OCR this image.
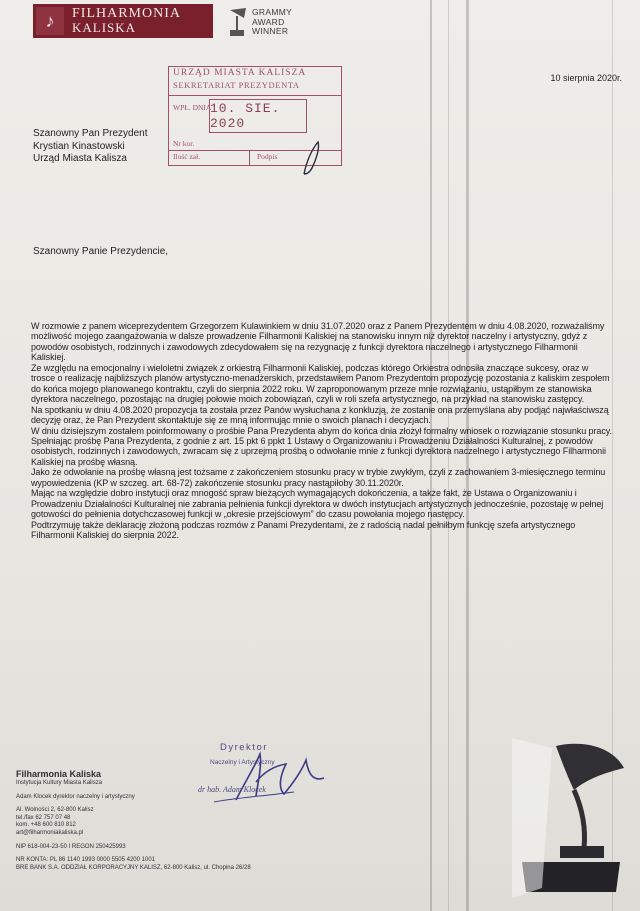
♪	FILHARMONIA
KALISKA
GRAMMY
AWARD
WINNER
10 sierpnia 2020r.
URZĄD MIASTA KALISZA
SEKRETARIAT PREZYDENTA
WPŁ. DNIA
10. SIE. 2020
Nr kor.
Ilość zał.	Podpis
Szanowny Pan Prezydent
Krystian Kinastowski
Urząd Miasta Kalisza
Szanowny Panie Prezydencie,

W rozmowie z panem wiceprezydentem Grzegorzem Kulawinkiem w dniu 31.07.2020 oraz z Panem Prezydentem w dniu 4.08.2020, rozważaliśmy możliwość mojego zaangażowania w dalsze prowadzenie Filharmonii Kaliskiej na stanowisku innym niż dyrektor naczelny i artystyczny, gdyż z powodów osobistych, rodzinnych i zawodowych zdecydowałem się na rezygnację z funkcji dyrektora naczelnego i artystycznego Filharmonii Kaliskiej.

Ze względu na emocjonalny i wieloletni związek z orkiestrą Filharmonii Kaliskiej, podczas którego Orkiestra odnosiła znaczące sukcesy, oraz w trosce o realizację najbliższych planów artystyczno-menadżerskich, przedstawiłem Panom Prezydentom propozycję pozostania z kaliskim zespołem do końca mojego planowanego kontraktu, czyli do sierpnia 2022 roku. W zaproponowanym przeze mnie rozwiązaniu, ustąpiłbym ze stanowiska dyrektora naczelnego, pozostając na drugiej połowie moich zobowiązań, czyli w roli szefa artystycznego, na przykład na stanowisku zastępcy.

Na spotkaniu w dniu 4.08.2020 propozycja ta została przez Panów wysłuchana z konkluzją, że zostanie ona przemyślana aby podjąć najwłaściwszą decyzję oraz, że Pan Prezydent skontaktuje się ze mną informując mnie o swoich planach i decyzjach.

W dniu dzisiejszym zostałem poinformowany o prośbie Pana Prezydenta abym do końca dnia złożył formalny wniosek o rozwiązanie stosunku pracy.

Spełniając prośbę Pana Prezydenta, z godnie z art. 15 pkt 6 ppkt 1 Ustawy o Organizowaniu i Prowadzeniu Działalności Kulturalnej, z powodów osobistych, rodzinnych i zawodowych, zwracam się z uprzejmą prośbą o odwołanie mnie z funkcji dyrektora naczelnego i artystycznego Filharmonii Kaliskiej na prośbę własną.

Jako że odwołanie na prośbę własną jest tożsame z zakończeniem stosunku pracy w trybie zwykłym, czyli z zachowaniem 3-miesięcznego terminu wypowiedzenia (KP w szczeg. art. 68-72) zakończenie stosunku pracy nastąpiłoby 30.11.2020r.

Mając na względzie dobro instytucji oraz mnogość spraw bieżących wymagających dokończenia, a także fakt, że Ustawa o Organizowaniu i Prowadzeniu Działalności Kulturalnej nie zabrania pełnienia funkcji dyrektora w dwóch instytucjach artystycznych jednocześnie, pozostaję w pełnej gotowości do pełnienia dotychczasowej funkcji w „okresie przejściowym” do czasu powołania mojego następcy.

Podtrzymuję także deklarację złożoną podczas rozmów z Panami Prezydentami, że z radością nadal pełniłbym funkcję szefa artystycznego Filharmonii Kaliskiej do sierpnia 2022.

Dyrektor
Naczelny i Artystyczny
dr hab. Adam Klocek
Filharmonia Kaliska
Instytucja Kultury Miasta Kalisza
Adam Klocek dyrektor naczelny i artystyczny
Al. Wolności 2, 62-800 Kalisz
tel./fax 62 757 07 48
kom. +48 600 810 812
art@filharmoniakaliska.pl
NIP 618-004-23-50 I REGON 250425993
NR KONTA: PL 86 1140 1993 0000 5505 4200 1001
BRE BANK S.A. ODDZIAŁ KORPORACYJNY KALISZ, 62-800 Kalisz, ul. Chopina 26/28
